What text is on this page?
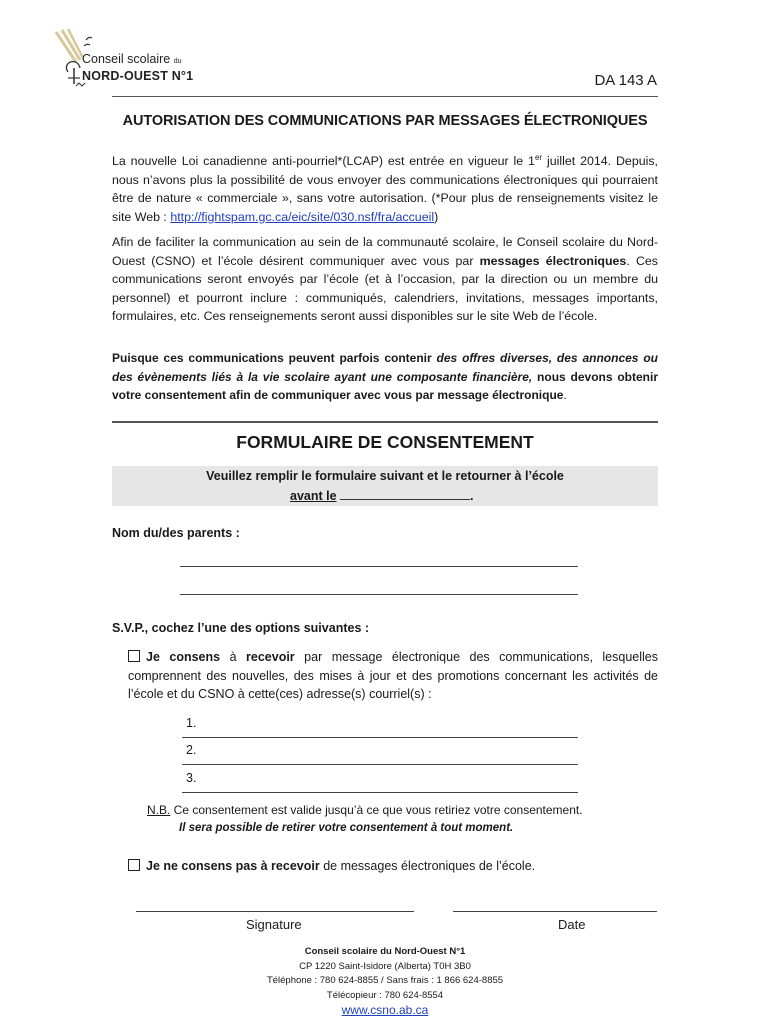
Conseil scolaire du
NORD-OUEST N°1	DA 143 A
AUTORISATION DES COMMUNICATIONS PAR MESSAGES ÉLECTRONIQUES
La nouvelle Loi canadienne anti-pourriel*(LCAP) est entrée en vigueur le 1er juillet 2014. Depuis, nous n’avons plus la possibilité de vous envoyer des communications électroniques qui pourraient être de nature « commerciale », sans votre autorisation. (*Pour plus de renseignements visitez le site Web : http://fightspam.gc.ca/eic/site/030.nsf/fra/accueil)
Afin de faciliter la communication au sein de la communauté scolaire, le Conseil scolaire du Nord-Ouest (CSNO) et l’école désirent communiquer avec vous par messages électroniques. Ces communications seront envoyés par l’école (et à l’occasion, par la direction ou un membre du personnel) et pourront inclure : communiqués, calendriers, invitations, messages importants, formulaires, etc. Ces renseignements seront aussi disponibles sur le site Web de l’école.
Puisque ces communications peuvent parfois contenir des offres diverses, des annonces ou des évènements liés à la vie scolaire ayant une composante financière, nous devons obtenir votre consentement afin de communiquer avec vous par message électronique.
FORMULAIRE DE CONSENTEMENT
Veuillez remplir le formulaire suivant et le retourner à l’école
avant le	.
Nom du/des parents :
S.V.P., cochez l’une des options suivantes :
Je consens à recevoir par message électronique des communications, lesquelles comprennent des nouvelles, des mises à jour et des promotions concernant les activités de l’école et du CSNO à cette(ces) adresse(s) courriel(s) :
1.
2.
3.
N.B. Ce consentement est valide jusqu’à ce que vous retiriez votre consentement.
Il sera possible de retirer votre consentement à tout moment.
Je ne consens pas à recevoir de messages électroniques de l’école.
Signature	Date
Conseil scolaire du Nord-Ouest N°1
CP 1220 Saint-Isidore (Alberta) T0H 3B0
Téléphone : 780 624-8855 / Sans frais : 1 866 624-8855
Télécopieur : 780 624-8554
www.csno.ab.ca
